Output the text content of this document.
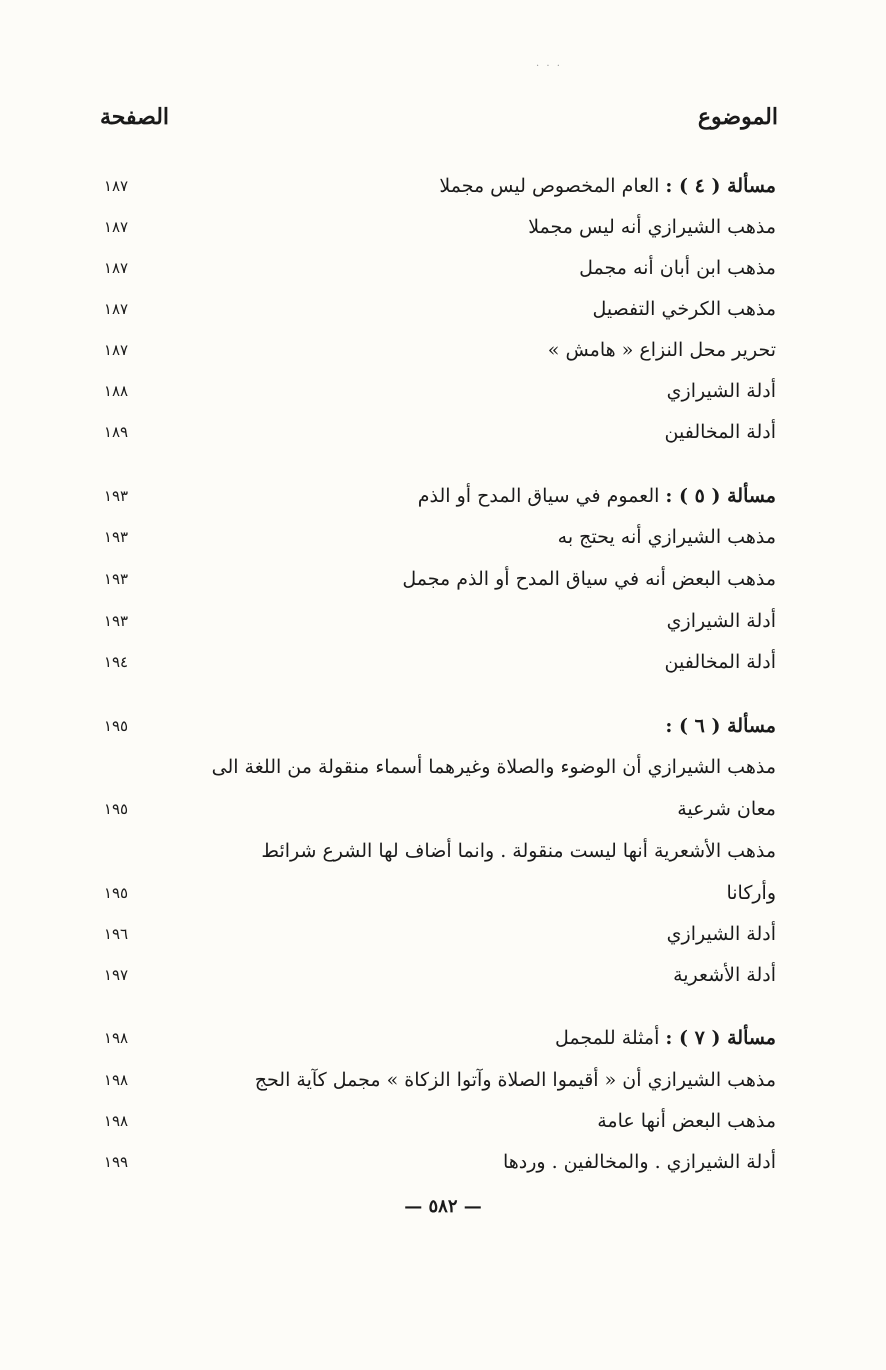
. . .
الموضوع
الصفحة
مسألة ( ٤ ) : العام المخصوص ليس مجملا
١٨٧
مذهب الشيرازي أنه ليس مجملا
١٨٧
مذهب ابن أبان أنه مجمل
١٨٧
مذهب الكرخي التفصيل
١٨٧
تحرير محل النزاع « هامش »
١٨٧
أدلة الشيرازي
١٨٨
أدلة المخالفين
١٨٩
مسألة ( ٥ ) : العموم في سياق المدح أو الذم
١٩٣
مذهب الشيرازي أنه يحتج به
١٩٣
مذهب البعض أنه في سياق المدح أو الذم مجمل
١٩٣
أدلة الشيرازي
١٩٣
أدلة المخالفين
١٩٤
مسألة ( ٦ ) :
١٩٥
مذهب الشيرازي أن الوضوء والصلاة وغيرهما أسماء منقولة من اللغة الى
معان شرعية
١٩٥
مذهب الأشعرية أنها ليست منقولة . وانما أضاف لها الشرع شرائط
وأركانا
١٩٥
أدلة الشيرازي
١٩٦
أدلة الأشعرية
١٩٧
مسألة ( ٧ ) : أمثلة للمجمل
١٩٨
مذهب الشيرازي أن « أقيموا الصلاة وآتوا الزكاة » مجمل كآية الحج
١٩٨
مذهب البعض أنها عامة
١٩٨
أدلة الشيرازي . والمخالفين . وردها
١٩٩
— ٥٨٢ —
